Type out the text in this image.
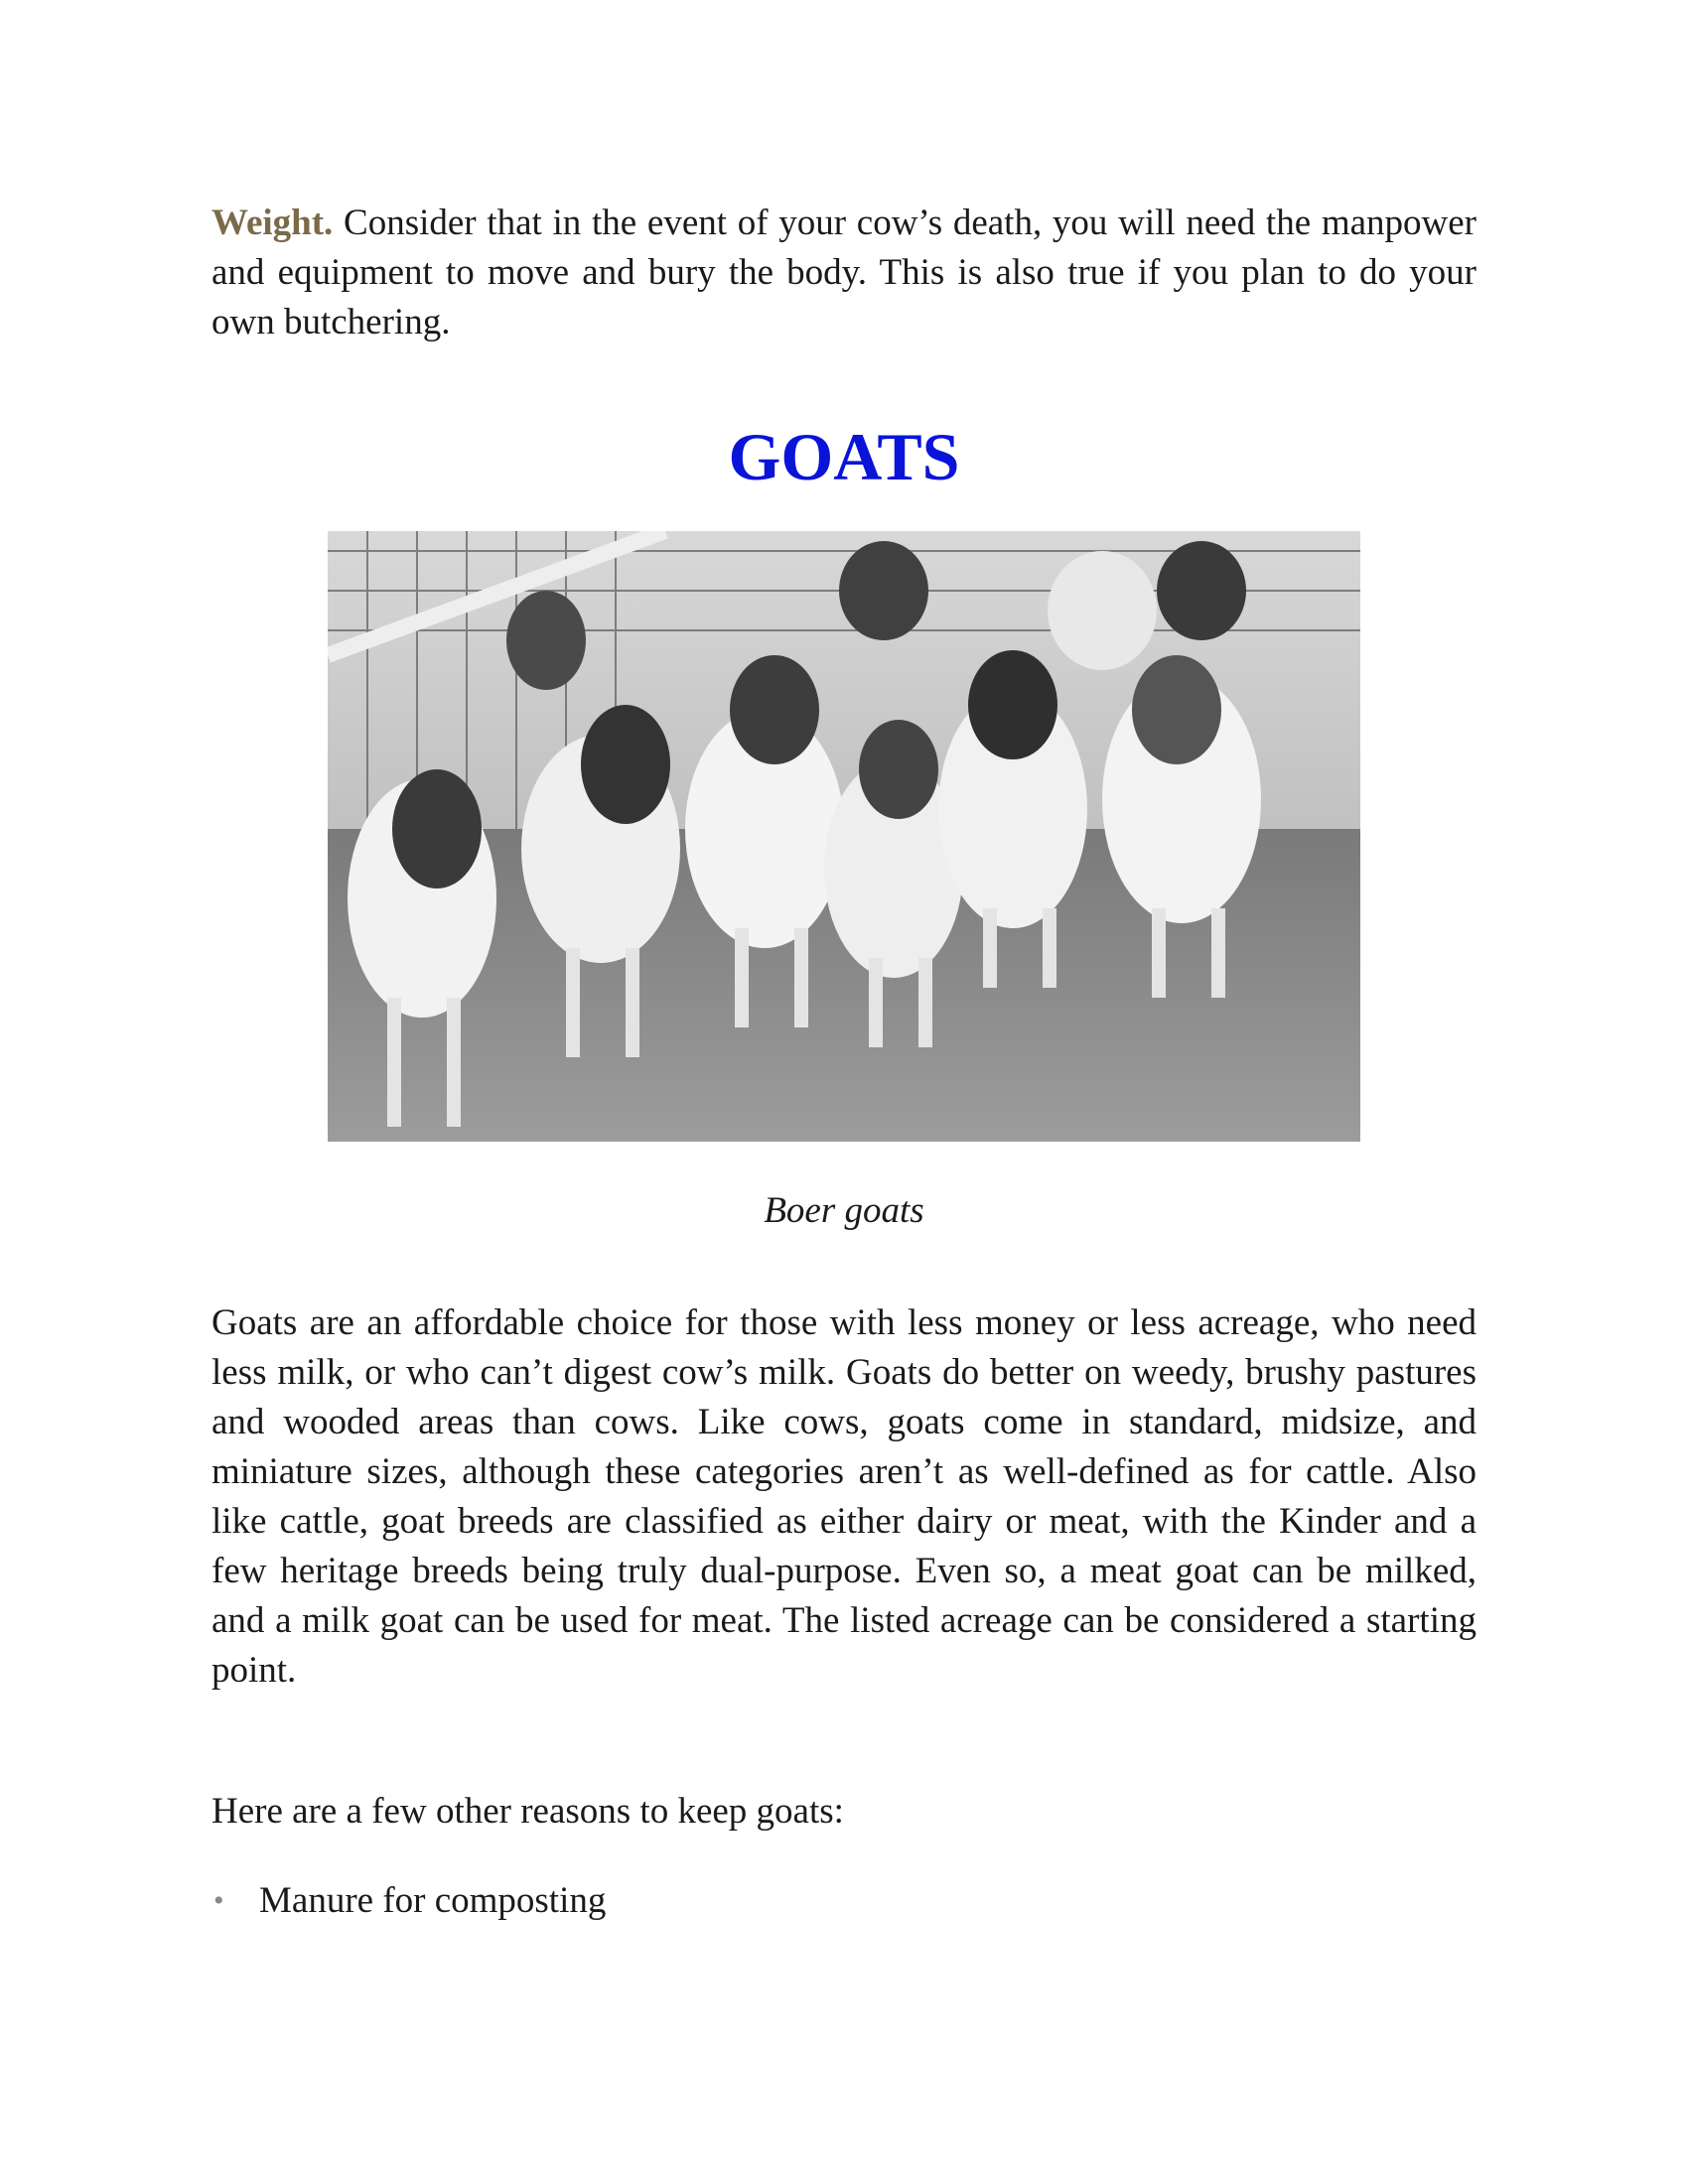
Weight. Consider that in the event of your cow’s death, you will need the manpower and equipment to move and bury the body. This is also true if you plan to do your own butchering.

GOATS

Boer goats

Goats are an affordable choice for those with less money or less acreage, who need less milk, or who can’t digest cow’s milk. Goats do better on weedy, brushy pastures and wooded areas than cows. Like cows, goats come in standard, midsize, and miniature sizes, although these categories aren’t as well-defined as for cattle. Also like cattle, goat breeds are classified as either dairy or meat, with the Kinder and a few heritage breeds being truly dual-purpose. Even so, a meat goat can be milked, and a milk goat can be used for meat. The listed acreage can be considered a starting point.

Here are a few other reasons to keep goats:

• Manure for composting
